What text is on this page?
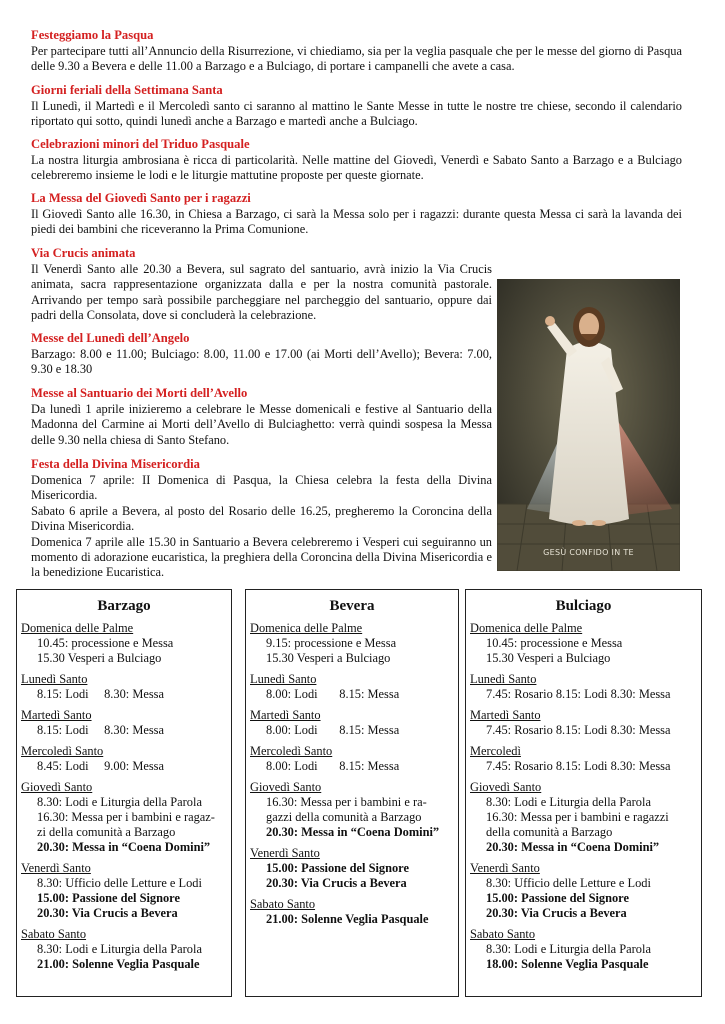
Festeggiamo la Pasqua

Per partecipare tutti all’Annuncio della Risurrezione, vi chiediamo, sia per la veglia pasquale che per le messe del giorno di Pasqua delle 9.30 a Bevera e delle 11.00 a Barzago e a Bulciago, di portare i campanelli che avete a casa.

Giorni feriali della Settimana Santa

Il Lunedì, il Martedì e il Mercoledì santo ci saranno al mattino le Sante Messe in tutte le nostre tre chiese, secondo il calendario riportato qui sotto, quindi lunedì anche a Barzago e martedì anche a Bulciago.

Celebrazioni minori del Triduo Pasquale

La nostra liturgia ambrosiana è ricca di particolarità. Nelle mattine del Giovedì, Venerdì e Sabato Santo a Barzago e a Bulciago celebreremo insieme le lodi e le liturgie mattutine proposte per queste giornate.

La Messa del Giovedì Santo per i ragazzi

Il Giovedì Santo alle 16.30, in Chiesa a Barzago, ci sarà la Messa solo per i ragazzi: durante questa Messa ci sarà la lavanda dei piedi dei bambini che riceveranno la Prima Comunione.

Via Crucis animata

Il Venerdì Santo alle 20.30 a Bevera, sul sagrato del santuario, avrà inizio la Via Crucis animata, sacra rappresentazione organizzata dalla e per la nostra comunità pastorale. Arrivando per tempo sarà possibile parcheggiare nel parcheggio del santuario, oppure dai padri della Consolata, dove si concluderà la celebrazione.

Messe del Lunedì dell’Angelo

Barzago: 8.00 e 11.00; Bulciago: 8.00, 11.00 e 17.00 (ai Morti dell’Avello); Bevera: 7.00, 9.30 e 18.30

Messe al Santuario dei Morti dell’Avello

Da lunedì 1 aprile inizieremo a celebrare le Messe domenicali e festive al Santuario della Madonna del Carmine ai Morti dell’Avello di Bulciaghetto: verrà quindi sospesa la Messa delle 9.30 nella chiesa di Santo Stefano.

Festa della Divina Misericordia

Domenica 7 aprile: II Domenica di Pasqua, la Chiesa celebra la festa della Divina Misericordia.

Sabato 6 aprile a Bevera, al posto del Rosario delle 16.25, pregheremo la Coroncina della Divina Misericordia.

Domenica 7 aprile alle 15.30 in Santuario a Bevera celebreremo i Vesperi cui seguiranno un momento di adorazione eucaristica, la preghiera della Coroncina della Divina Misericordia e la benedizione Eucaristica.

GESÙ CONFIDO IN TE
Barzago
Domenica delle Palme
10.45: processione e Messa
15.30 Vesperi a Bulciago
Lunedì Santo
8.15: Lodi     8.30: Messa
Martedì Santo
8.15: Lodi     8.30: Messa
Mercoledì Santo
8.45: Lodi     9.00: Messa
Giovedì Santo
8.30: Lodi e Liturgia della Parola
16.30: Messa per i bambini e ragaz-
zi della comunità a Barzago
20.30: Messa in “Coena Domini”
Venerdì Santo
8.30: Ufficio delle Letture e Lodi
15.00: Passione del Signore
20.30: Via Crucis a Bevera
Sabato Santo
8.30: Lodi e Liturgia della Parola
21.00: Solenne Veglia Pasquale
Bevera
Domenica delle Palme
9.15: processione e Messa
15.30 Vesperi a Bulciago
Lunedì Santo
8.00: Lodi       8.15: Messa
Martedì Santo
8.00: Lodi       8.15: Messa
Mercoledì Santo
8.00: Lodi       8.15: Messa
Giovedì Santo
16.30: Messa per i bambini e ra-
gazzi della comunità a Barzago
20.30: Messa in “Coena Domini”
Venerdì Santo
15.00: Passione del Signore
20.30: Via Crucis a Bevera
Sabato Santo
21.00: Solenne Veglia Pasquale
Bulciago
Domenica delle Palme
10.45: processione e Messa
15.30 Vesperi a Bulciago
Lunedì Santo
7.45: Rosario 8.15: Lodi 8.30: Messa
Martedì Santo
7.45: Rosario 8.15: Lodi 8.30: Messa
Mercoledì
7.45: Rosario 8.15: Lodi 8.30: Messa
Giovedì Santo
8.30: Lodi e Liturgia della Parola
16.30: Messa per i bambini e ragazzi
della comunità a Barzago
20.30: Messa in “Coena Domini”
Venerdì Santo
8.30: Ufficio delle Letture e Lodi
15.00: Passione del Signore
20.30: Via Crucis a Bevera
Sabato Santo
8.30: Lodi e Liturgia della Parola
18.00: Solenne Veglia Pasquale
